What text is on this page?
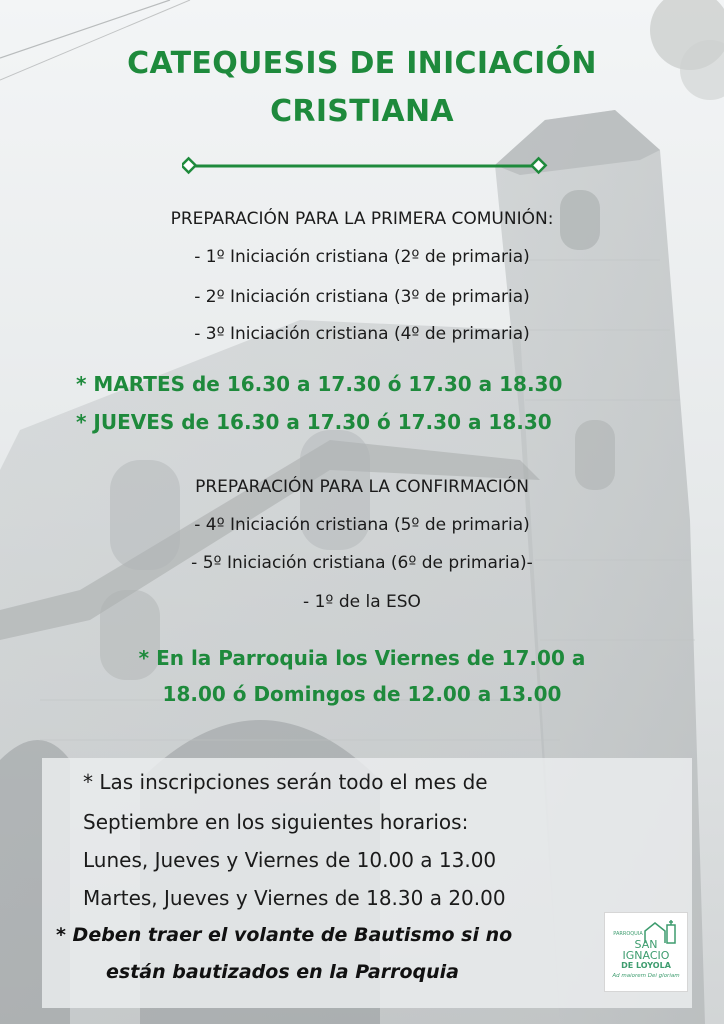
CATEQUESIS DE INICIACIÓN
CRISTIANA
PREPARACIÓN PARA LA PRIMERA COMUNIÓN:
- 1º Iniciación cristiana (2º de primaria)
- 2º Iniciación cristiana (3º de primaria)
- 3º Iniciación cristiana (4º de primaria)
* MARTES de 16.30 a 17.30 ó 17.30 a 18.30
* JUEVES de 16.30 a 17.30 ó 17.30 a 18.30
PREPARACIÓN PARA LA CONFIRMACIÓN
- 4º Iniciación cristiana (5º de primaria)
- 5º Iniciación cristiana (6º de primaria)-
- 1º de la ESO
* En la Parroquia los Viernes de 17.00 a
18.00 ó Domingos de 12.00 a 13.00
* Las inscripciones serán todo el mes de
Septiembre en los siguientes horarios:
Lunes, Jueves y Viernes de 10.00 a 13.00
Martes, Jueves y Viernes de 18.30 a 20.00
* Deben traer el volante de Bautismo si no
están bautizados en la Parroquia
PARROQUIA
SAN
IGNACIO
DE LOYOLA
Ad maiorem Dei gloriam
